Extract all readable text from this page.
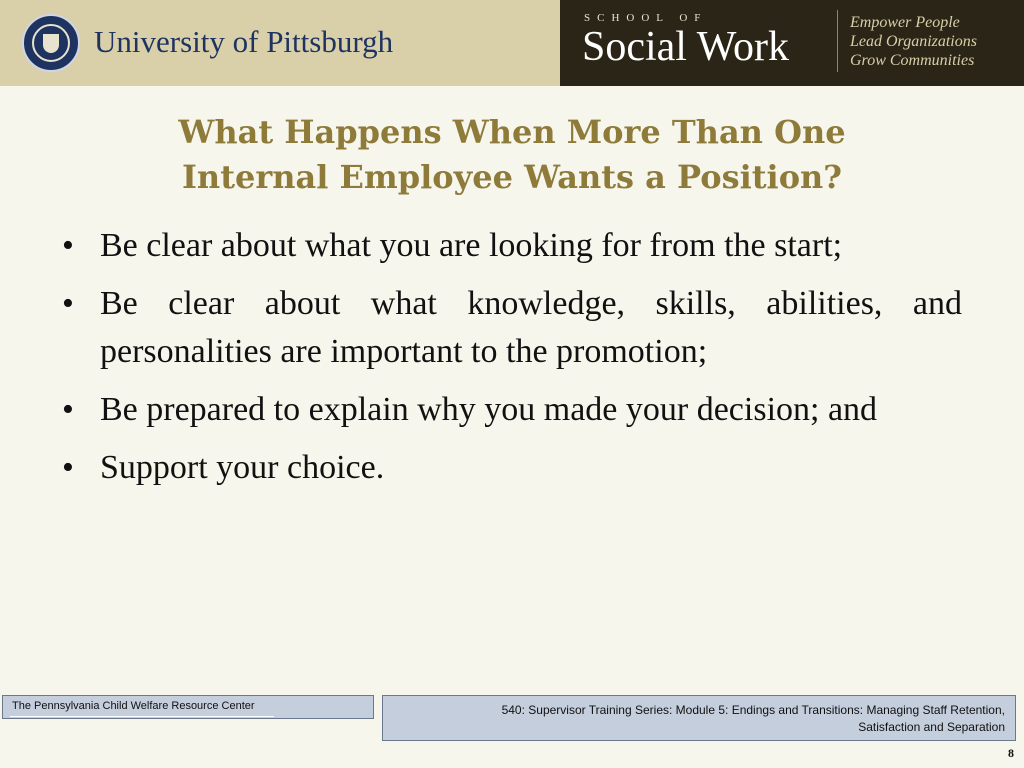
University of Pittsburgh
SCHOOL OF
Social Work
Empower People
Lead Organizations
Grow Communities
What Happens When More Than One
Internal Employee Wants a Position?
• Be clear about what you are looking for from the start;
• Be clear about what knowledge, skills, abilities, and personalities are important to the promotion;
• Be prepared to explain why you made your decision; and
• Support your choice.
The Pennsylvania Child Welfare Resource Center	540: Supervisor Training Series: Module 5: Endings and Transitions: Managing Staff Retention,
Satisfaction and Separation
8
